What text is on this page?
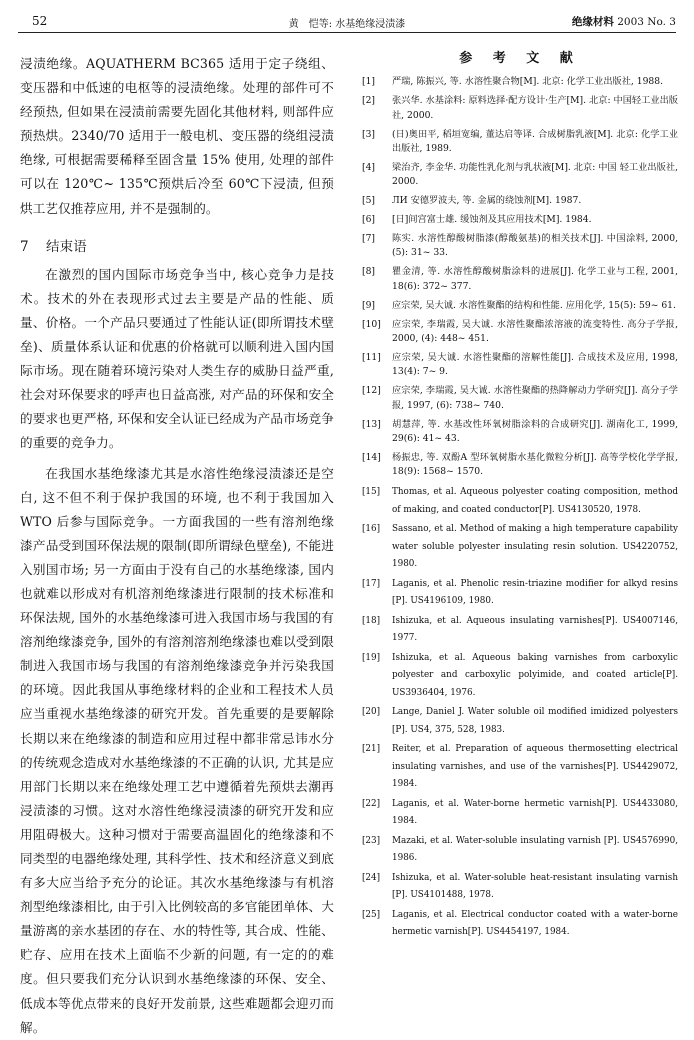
52	黄　恺等: 水基绝缘浸渍漆	绝缘材料 2003 No. 3

浸渍绝缘。AQUATHERM BC365 适用于定子绕组、变压器和中低速的电枢等的浸渍绝缘。处理的部件可不经预热, 但如果在浸渍前需要先固化其他材料, 则部件应预热烘。2340/70 适用于一般电机、变压器的绕组浸渍绝缘, 可根据需要稀释至固含量 15% 使用, 处理的部件可以在 120℃~ 135℃预烘后冷至 60℃下浸渍, 但预烘工艺仅推荐应用, 并不是强制的。

7 结束语

在激烈的国内国际市场竞争当中, 核心竞争力是技术。技术的外在表现形式过去主要是产品的性能、质量、价格。一个产品只要通过了性能认证(即所谓技术壁垒)、质量体系认证和优惠的价格就可以顺利进入国内国际市场。现在随着环境污染对人类生存的威胁日益严重, 社会对环保要求的呼声也日益高涨, 对产品的环保和安全的要求也更严格, 环保和安全认证已经成为产品市场竞争的重要的竞争力。

在我国水基绝缘漆尤其是水溶性绝缘浸渍漆还是空白, 这不但不利于保护我国的环境, 也不利于我国加入WTO 后参与国际竞争。一方面我国的一些有溶剂绝缘漆产品受到国环保法规的限制(即所谓绿色壁垒), 不能进入别国市场; 另一方面由于没有自己的水基绝缘漆, 国内也就难以形成对有机溶剂绝缘漆进行限制的技术标准和环保法规, 国外的水基绝缘漆可进入我国市场与我国的有溶剂绝缘漆竞争, 国外的有溶剂溶剂绝缘漆也难以受到限制进入我国市场与我国的有溶剂绝缘漆竞争并污染我国的环境。因此我国从事绝缘材料的企业和工程技术人员应当重视水基绝缘漆的研究开发。首先重要的是要解除长期以来在绝缘漆的制造和应用过程中都非常忌讳水分的传统观念造成对水基绝缘漆的不正确的认识, 尤其是应用部门长期以来在绝缘处理工艺中遵循着先预烘去潮再浸渍漆的习惯。这对水溶性绝缘浸渍漆的研究开发和应用阻碍极大。这种习惯对于需要高温固化的绝缘漆和不同类型的电器绝缘处理, 其科学性、技术和经济意义到底有多大应当给予充分的论证。其次水基绝缘漆与有机溶剂型绝缘漆相比, 由于引入比例较高的多官能团单体、大量游离的亲水基团的存在、水的特性等, 其合成、性能、贮存、应用在技术上面临不少新的问题, 有一定的的难度。但只要我们充分认识到水基绝缘漆的环保、安全、低成本等优点带来的良好开发前景, 这些难题都会迎刃而解。

参 考 文 献
[1] 严瑞, 陈振兴, 等. 水溶性聚合物[M]. 北京: 化学工业出版社, 1988.
[2] 张兴华. 水基涂料: 原料选择·配方设计·生产[M]. 北京: 中国轻工业出版社, 2000.
[3] (日)奥田平, 稻垣宽编, 董达启等译. 合成树脂乳液[M]. 北京: 化学工业出版社, 1989.
[4] 梁治齐, 李金华. 功能性乳化剂与乳状液[M]. 北京: 中国 轻工业出版社, 2000.
[5] ЛИ 安德罗波夫, 等. 金属的绕蚀剂[M]. 1987.
[6] [日]间宫富士雄. 缓蚀剂及其应用技术[M]. 1984.
[7] 陈实. 水溶性醇酸树脂漆(醇酸氨基)的相关技术[J]. 中国涂料, 2000, (5): 31~ 33.
[8] 瞿金清, 等. 水溶性醇酸树脂涂料的进展[J]. 化学工业与工程, 2001, 18(6): 372~ 377.
[9] 应宗荣, 吴大诚. 水溶性聚酯的结构和性能. 应用化学, 15(5): 59~ 61.
[10] 应宗荣, 李瑞霞, 吴大诚. 水溶性聚酯浓溶液的流变特性. 高分子学报, 2000, (4): 448~ 451.
[11] 应宗荣, 吴大诚. 水溶性聚酯的溶解性能[J]. 合成技术及应用, 1998, 13(4): 7~ 9.
[12] 应宗荣, 李瑞霞, 吴大诚. 水溶性聚酯的热降解动力学研究[J]. 高分子学报, 1997, (6): 738~ 740.
[13] 胡慧萍, 等. 水基改性环氧树脂涂料的合成研究[J]. 湖南化工, 1999, 29(6): 41~ 43.
[14] 杨振忠, 等. 双酚A 型环氧树脂水基化微粒分析[J]. 高等学校化学学报, 18(9): 1568~ 1570.
[15] Thomas, et al. Aqueous polyester coating composition, method of making, and coated conductor[P]. US4130520, 1978.
[16] Sassano, et al. Method of making a high temperature capability water soluble polyester insulating resin solution. US4220752, 1980.
[17] Laganis, et al. Phenolic resin-triazine modifier for alkyd resins [P]. US4196109, 1980.
[18] Ishizuka, et al. Aqueous insulating varnishes[P]. US4007146, 1977.
[19] Ishizuka, et al. Aqueous baking varnishes from carboxylic polyester and carboxylic polyimide, and coated article[P]. US3936404, 1976.
[20] Lange, Daniel J. Water soluble oil modified imidized polyesters [P]. US4, 375, 528, 1983.
[21] Reiter, et al. Preparation of aqueous thermosetting electrical insulating varnishes, and use of the varnishes[P]. US4429072, 1984.
[22] Laganis, et al. Water-borne hermetic varnish[P]. US4433080, 1984.
[23] Mazaki, et al. Water-soluble insulating varnish [P]. US4576990, 1986.
[24] Ishizuka, et al. Water-soluble heat-resistant insulating varnish [P]. US4101488, 1978.
[25] Laganis, et al. Electrical conductor coated with a water-borne hermetic varnish[P]. US4454197, 1984.
